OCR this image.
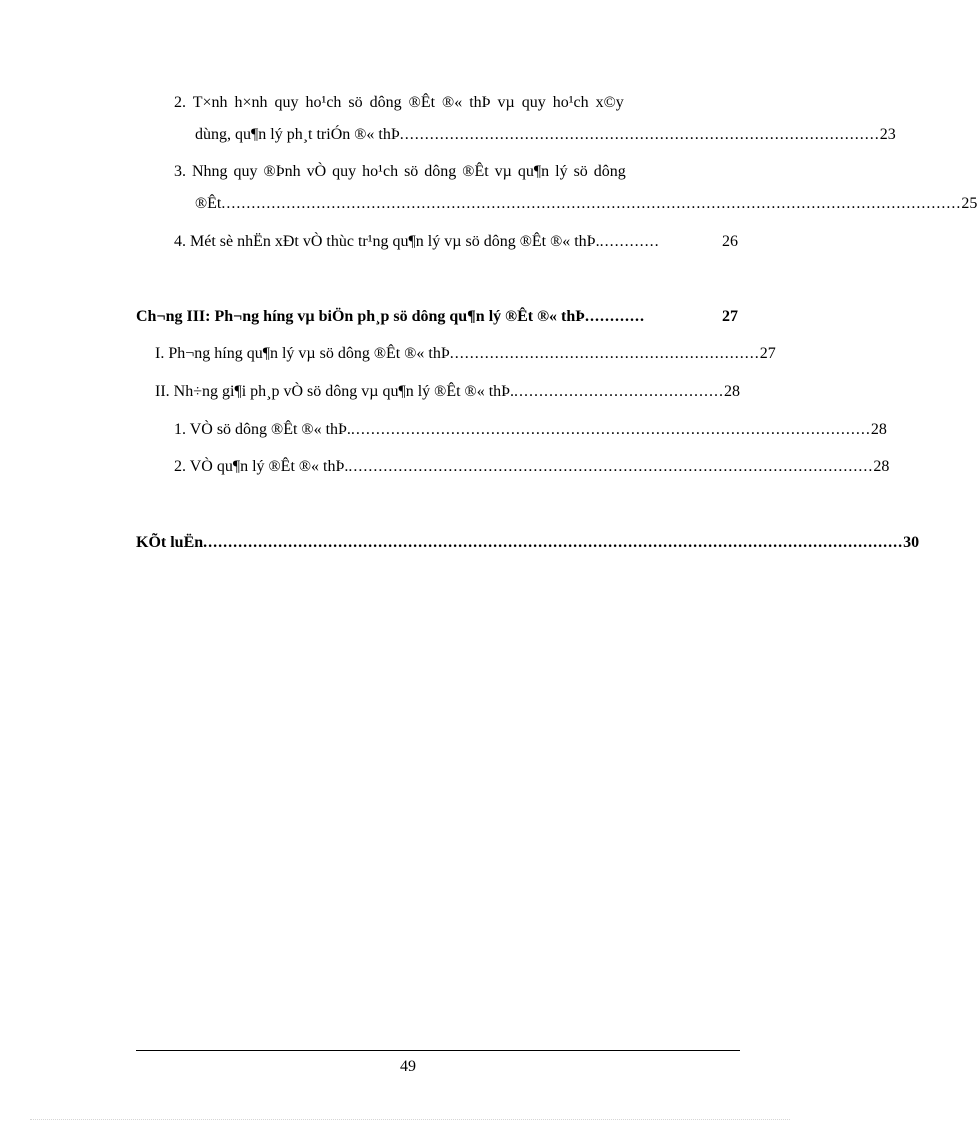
2. T×nh h×nh quy ho¹ch sö dông ®Êt ®« thÞ vµ quy ho¹ch x©y
dùng, qu¶n lý ph¸t triÓn ®« thÞ ................................................................................................ 23
3. Nhng quy ®Þnh vÒ quy ho¹ch sö dông ®Êt vµ qu¶n lý sö dông
®Êt .................................................................................................................................................... 25
4. Mét sè nhËn xÐt vÒ thùc tr¹ng qu¶n lý vµ sö dông ®Êt ®« thÞ. ............	26
Ch¬ng III: Ph¬ng híng vµ biÖn ph¸p sö dông qu¶n lý ®Êt ®« thÞ ............	27
I. Ph¬ng híng qu¶n lý vµ sö dông ®Êt ®« thÞ .............................................................. 27
II. Nh÷ng gi¶i ph¸p vÒ sö dông vµ qu¶n lý ®Êt ®« thÞ. .......................................... 28
1. VÒ sö dông ®Êt ®« thÞ. ........................................................................................................ 28
2. VÒ qu¶n lý ®Êt ®« thÞ. ......................................................................................................... 28
KÕt luËn ............................................................................................................................................ 30
49
